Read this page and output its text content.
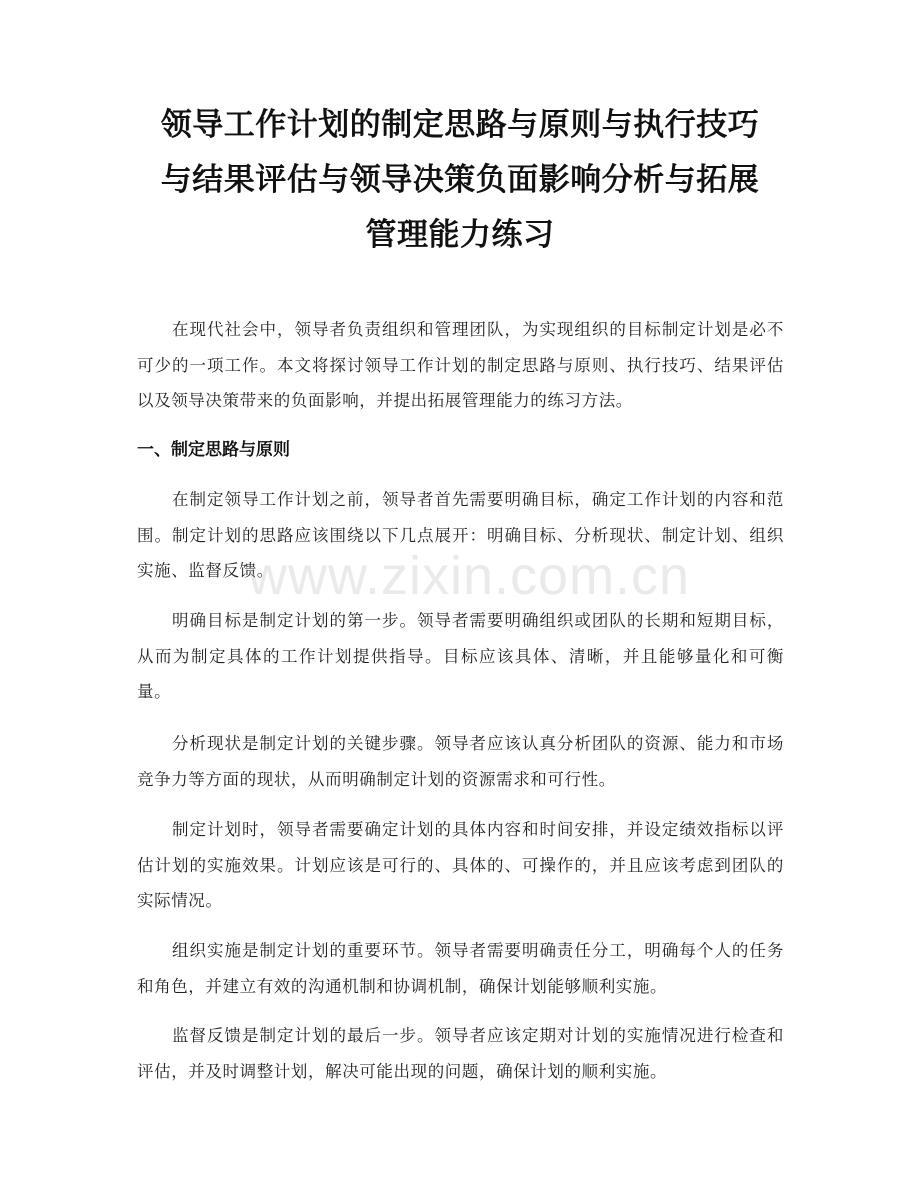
领导工作计划的制定思路与原则与执行技巧
与结果评估与领导决策负面影响分析与拓展
管理能力练习

在现代社会中，领导者负责组织和管理团队，为实现组织的目标制定计划是必不可少的一项工作。本文将探讨领导工作计划的制定思路与原则、执行技巧、结果评估以及领导决策带来的负面影响，并提出拓展管理能力的练习方法。

一、制定思路与原则

在制定领导工作计划之前，领导者首先需要明确目标，确定工作计划的内容和范围。制定计划的思路应该围绕以下几点展开：明确目标、分析现状、制定计划、组织实施、监督反馈。

明确目标是制定计划的第一步。领导者需要明确组织或团队的长期和短期目标，从而为制定具体的工作计划提供指导。目标应该具体、清晰，并且能够量化和可衡量。

分析现状是制定计划的关键步骤。领导者应该认真分析团队的资源、能力和市场竞争力等方面的现状，从而明确制定计划的资源需求和可行性。

制定计划时，领导者需要确定计划的具体内容和时间安排，并设定绩效指标以评估计划的实施效果。计划应该是可行的、具体的、可操作的，并且应该考虑到团队的实际情况。

组织实施是制定计划的重要环节。领导者需要明确责任分工，明确每个人的任务和角色，并建立有效的沟通机制和协调机制，确保计划能够顺利实施。

监督反馈是制定计划的最后一步。领导者应该定期对计划的实施情况进行检查和评估，并及时调整计划，解决可能出现的问题，确保计划的顺利实施。

www.zixin.com.cn
